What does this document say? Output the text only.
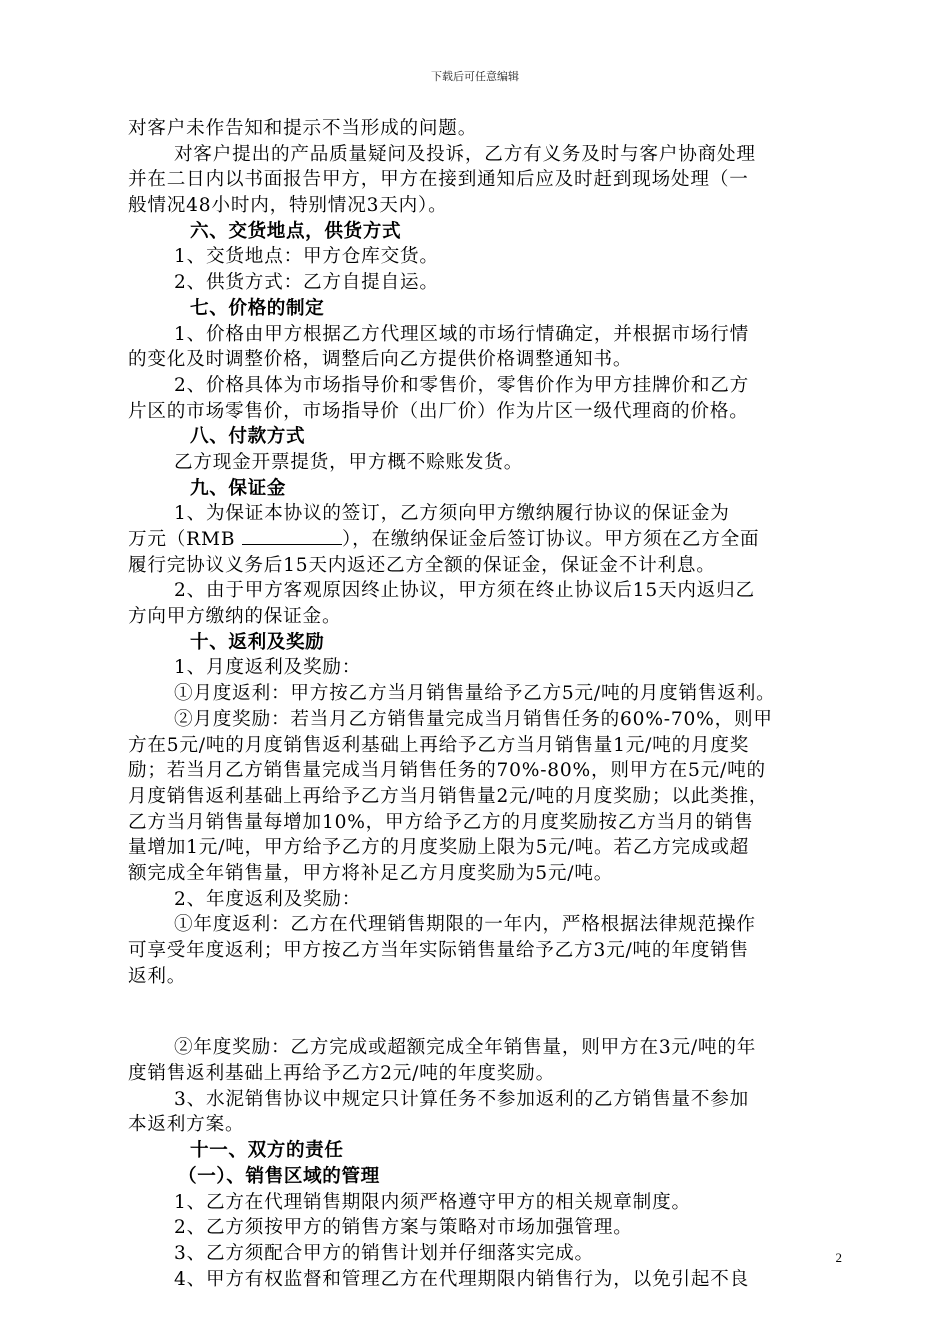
下载后可任意编辑
对客户未作告知和提示不当形成的问题。
对客户提出的产品质量疑问及投诉，乙方有义务及时与客户协商处理
并在二日内以书面报告甲方，甲方在接到通知后应及时赶到现场处理（一
般情况48小时内，特别情况3天内）。
六、交货地点，供货方式
1、交货地点：甲方仓库交货。
2、供货方式：乙方自提自运。
七、价格的制定
1、价格由甲方根据乙方代理区域的市场行情确定，并根据市场行情
的变化及时调整价格，调整后向乙方提供价格调整通知书。
2、价格具体为市场指导价和零售价，零售价作为甲方挂牌价和乙方
片区的市场零售价，市场指导价（出厂价）作为片区一级代理商的价格。
八、付款方式
乙方现金开票提货，甲方概不赊账发货。
九、保证金
1、为保证本协议的签订，乙方须向甲方缴纳履行协议的保证金为
万元（RMB	），在缴纳保证金后签订协议。甲方须在乙方全面
履行完协议义务后15天内返还乙方全额的保证金，保证金不计利息。
2、由于甲方客观原因终止协议，甲方须在终止协议后15天内返归乙
方向甲方缴纳的保证金。
十、返利及奖励
1、月度返利及奖励：
①月度返利：甲方按乙方当月销售量给予乙方5元/吨的月度销售返利。
②月度奖励：若当月乙方销售量完成当月销售任务的60%-70%，则甲
方在5元/吨的月度销售返利基础上再给予乙方当月销售量1元/吨的月度奖
励；若当月乙方销售量完成当月销售任务的70%-80%，则甲方在5元/吨的
月度销售返利基础上再给予乙方当月销售量2元/吨的月度奖励；以此类推，
乙方当月销售量每增加10%，甲方给予乙方的月度奖励按乙方当月的销售
量增加1元/吨，甲方给予乙方的月度奖励上限为5元/吨。若乙方完成或超
额完成全年销售量，甲方将补足乙方月度奖励为5元/吨。
2、年度返利及奖励：
①年度返利：乙方在代理销售期限的一年内，严格根据法律规范操作
可享受年度返利；甲方按乙方当年实际销售量给予乙方3元/吨的年度销售
返利。
②年度奖励：乙方完成或超额完成全年销售量，则甲方在3元/吨的年
度销售返利基础上再给予乙方2元/吨的年度奖励。
3、水泥销售协议中规定只计算任务不参加返利的乙方销售量不参加
本返利方案。
十一、双方的责任
（一）、销售区域的管理
1、乙方在代理销售期限内须严格遵守甲方的相关规章制度。
2、乙方须按甲方的销售方案与策略对市场加强管理。
3、乙方须配合甲方的销售计划并仔细落实完成。
4、甲方有权监督和管理乙方在代理期限内销售行为，以免引起不良
2
